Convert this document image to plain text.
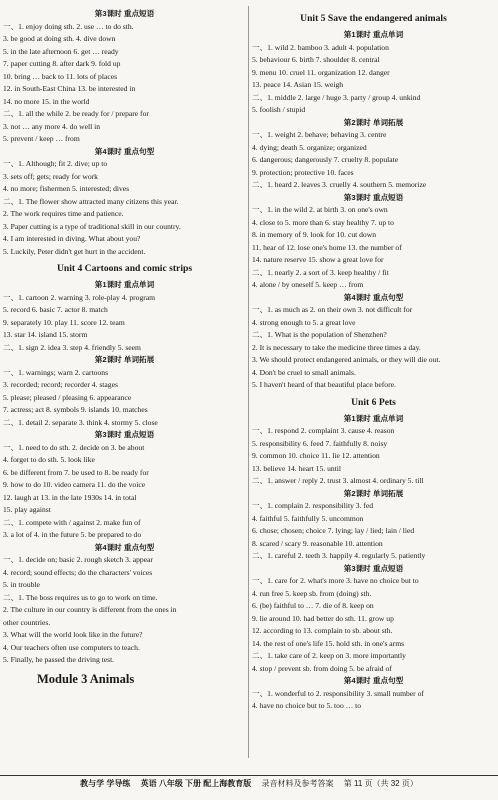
第3课时 重点短语
一、1. enjoy doing sth. 2. use … to do sth.
3. be good at doing sth. 4. dive down
5. in the late afternoon 6. get … ready
7. paper cutting 8. after dark 9. fold up
10. bring … back to 11. lots of places
12. in South-East China 13. be interested in
14. no more 15. in the world
二、1. all the while 2. be ready for / prepare for
3. not … any more 4. do well in
5. prevent / keep … from
第4课时 重点句型
一、1. Although; fit 2. dive; up to
3. sets off; gets; ready for work
4. no more; fishermen 5. interested; dives
二、1. The flower show attracted many citizens this year.
2. The work requires time and patience.
3. Paper cutting is a type of traditional skill in our country.
4. I am interested in diving. What about you?
5. Luckily, Peter didn't get hurt in the accident.
Unit 4 Cartoons and comic strips
第1课时 重点单词
一、1. cartoon 2. warning 3. role-play 4. program
5. record 6. basic 7. actor 8. match
9. separately 10. play 11. score 12. team
13. star 14. island 15. storm
二、1. sign 2. idea 3. step 4. friendly 5. seem
第2课时 单词拓展
一、1. warnings; warn 2. cartoons
3. recorded; record; recorder 4. stages
5. please; pleased / pleasing 6. appearance
7. actress; act 8. symbols 9. islands 10. matches
二、1. detail 2. separate 3. think 4. stormy 5. close
第3课时 重点短语
一、1. need to do sth. 2. decide on 3. be about
4. forget to do sth. 5. look like
6. be different from 7. be used to 8. be ready for
9. how to do 10. video camera 11. do the voice
12. laugh at 13. in the late 1930s 14. in total
15. play against
二、1. compete with / against 2. make fun of
3. a lot of 4. in the future 5. be prepared to do
第4课时 重点句型
一、1. decide on; basic 2. rough sketch 3. appear
4. record; sound effects; do the characters' voices
5. in trouble
二、1. The boss requires us to go to work on time.
2. The culture in our country is different from the ones in
other countries.
3. What will the world look like in the future?
4. Our teachers often use computers to teach.
5. Finally, he passed the driving test.
Module 3 Animals
Unit 5 Save the endangered animals
第1课时 重点单词
一、1. wild 2. bamboo 3. adult 4. population
5. behaviour 6. birth 7. shoulder 8. central
9. menu 10. cruel 11. organization 12. danger
13. peace 14. Asian 15. weigh
二、1. middle 2. large / huge 3. party / group 4. unkind
5. foolish / stupid
第2课时 单词拓展
一、1. weight 2. behave; behaving 3. centre
4. dying; death 5. organize; organized
6. dangerous; dangerously 7. cruelty 8. populate
9. protection; protective 10. faces
二、1. heard 2. leaves 3. cruelly 4. southern 5. memorize
第3课时 重点短语
一、1. in the wild 2. at birth 3. on one's own
4. close to 5. more than 6. stay healthy 7. up to
8. in memory of 9. look for 10. cut down
11. hear of 12. lose one's home 13. the number of
14. nature reserve 15. show a great love for
二、1. nearly 2. a sort of 3. keep healthy / fit
4. alone / by oneself 5. keep … from
第4课时 重点句型
一、1. as much as 2. on their own 3. not difficult for
4. strong enough to 5. a great love
二、1. What is the population of Shenzhen?
2. It is necessary to take the medicine three times a day.
3. We should protect endangered animals, or they will die out.
4. Don't be cruel to small animals.
5. I haven't heard of that beautiful place before.
Unit 6 Pets
第1课时 重点单词
一、1. respond 2. complaint 3. cause 4. reason
5. responsibility 6. feed 7. faithfully 8. noisy
9. common 10. choice 11. lie 12. attention
13. believe 14. heart 15. until
二、1. answer / reply 2. trust 3. almost 4. ordinary 5. till
第2课时 单词拓展
一、1. complain 2. responsibility 3. fed
4. faithful 5. faithfully 5. uncommon
6. chose; chosen; choice 7. lying; lay / lied; lain / lied
8. scared / scary 9. reasonable 10. attention
二、1. careful 2. teeth 3. happily 4. regularly 5. patiently
第3课时 重点短语
一、1. care for 2. what's more 3. have no choice but to
4. run free 5. keep sb. from (doing) sth.
6. (be) faithful to … 7. die of 8. keep on
9. lie around 10. had better do sth. 11. grow up
12. according to 13. complain to sb. about sth.
14. the rest of one's life 15. hold sth. in one's arms
二、1. take care of 2. keep on 3. more importantly
4. stop / prevent sb. from doing 5. be afraid of
第4课时 重点句型
一、1. wonderful to 2. responsibility 3. small number of
4. have no choice but to 5. too … to
教与学 学导练 英语 八年级 下册 配上海教育版 录音材料及参考答案 第 11 页（共 32 页）
